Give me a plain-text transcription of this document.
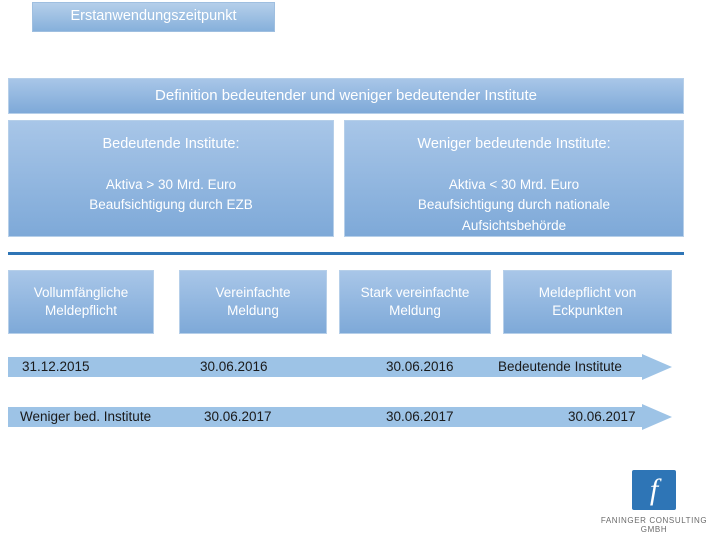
Erstanwendungszeitpunkt
Definition bedeutender und weniger bedeutender Institute
Bedeutende Institute:
Aktiva > 30 Mrd. Euro
Beaufsichtigung durch EZB
Weniger bedeutende Institute:
Aktiva < 30 Mrd. Euro
Beaufsichtigung durch nationale
Aufsichtsbehörde
Vollumfängliche
Meldepflicht
Vereinfachte
Meldung
Stark vereinfachte
Meldung
Meldepflicht von
Eckpunkten
31.12.2015	30.06.2016	30.06.2016	Bedeutende Institute
Weniger bed. Institute	30.06.2017	30.06.2017	30.06.2017
f
FANINGER CONSULTING GMBH
